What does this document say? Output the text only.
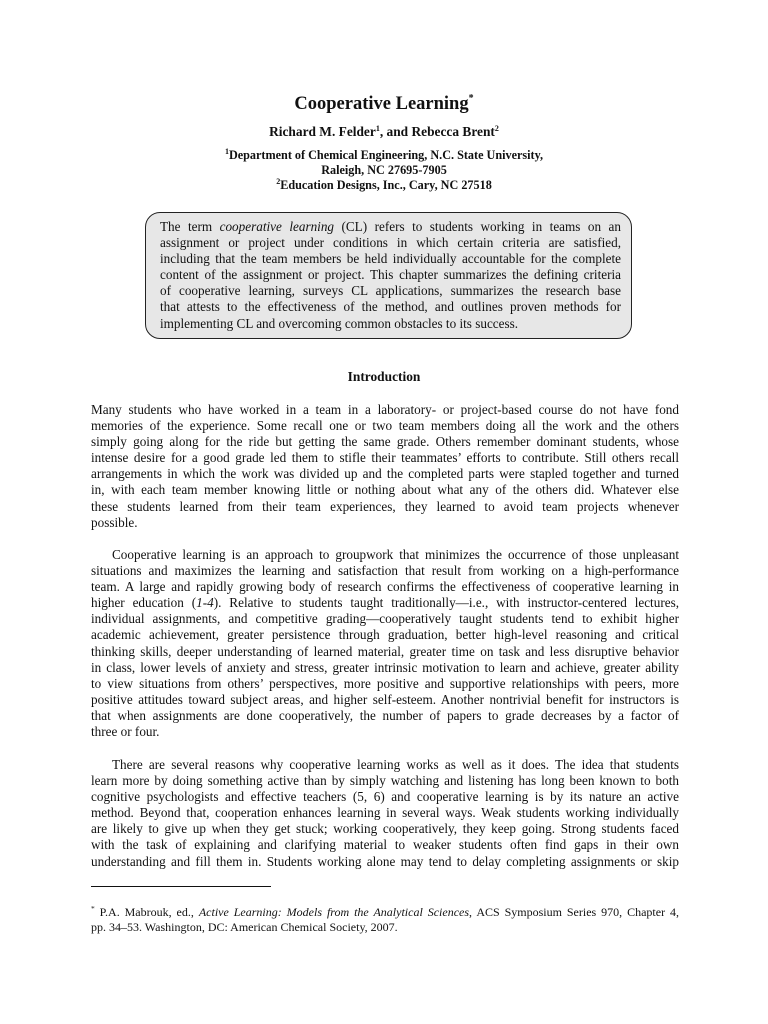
Cooperative Learning*
Richard M. Felder$^1$, and Rebecca Brent$^2$
$^1$Department of Chemical Engineering, N.C. State University,
Raleigh, NC 27695-7905
$^2$Education Designs, Inc., Cary, NC 27518
The term cooperative learning (CL) refers to students working in teams on an
assignment or project under conditions in which certain criteria are satisfied,
including that the team members be held individually accountable for the complete
content of the assignment or project. This chapter summarizes the defining criteria
of cooperative learning, surveys CL applications, summarizes the research base
that attests to the effectiveness of the method, and outlines proven methods for
implementing CL and overcoming common obstacles to its success.
Introduction
Many students who have worked in a team in a laboratory- or project-based course do not have fond
memories of the experience. Some recall one or two team members doing all the work and the others
simply going along for the ride but getting the same grade. Others remember dominant students, whose
intense desire for a good grade led them to stifle their teammates’ efforts to contribute. Still others recall
arrangements in which the work was divided up and the completed parts were stapled together and turned
in, with each team member knowing little or nothing about what any of the others did. Whatever else
these students learned from their team experiences, they learned to avoid team projects whenever
possible.
Cooperative learning is an approach to groupwork that minimizes the occurrence of those unpleasant
situations and maximizes the learning and satisfaction that result from working on a high-performance
team. A large and rapidly growing body of research confirms the effectiveness of cooperative learning in
higher education (1-4). Relative to students taught traditionally—i.e., with instructor-centered lectures,
individual assignments, and competitive grading—cooperatively taught students tend to exhibit higher
academic achievement, greater persistence through graduation, better high-level reasoning and critical
thinking skills, deeper understanding of learned material, greater time on task and less disruptive behavior
in class, lower levels of anxiety and stress, greater intrinsic motivation to learn and achieve, greater ability
to view situations from others’ perspectives, more positive and supportive relationships with peers, more
positive attitudes toward subject areas, and higher self-esteem. Another nontrivial benefit for instructors is
that when assignments are done cooperatively, the number of papers to grade decreases by a factor of
three or four.
There are several reasons why cooperative learning works as well as it does. The idea that students
learn more by doing something active than by simply watching and listening has long been known to both
cognitive psychologists and effective teachers (5, 6) and cooperative learning is by its nature an active
method. Beyond that, cooperation enhances learning in several ways. Weak students working individually
are likely to give up when they get stuck; working cooperatively, they keep going. Strong students faced
with the task of explaining and clarifying material to weaker students often find gaps in their own
understanding and fill them in. Students working alone may tend to delay completing assignments or skip
* P.A. Mabrouk, ed., Active Learning: Models from the Analytical Sciences, ACS Symposium Series 970, Chapter 4,
pp. 34–53. Washington, DC: American Chemical Society, 2007.
